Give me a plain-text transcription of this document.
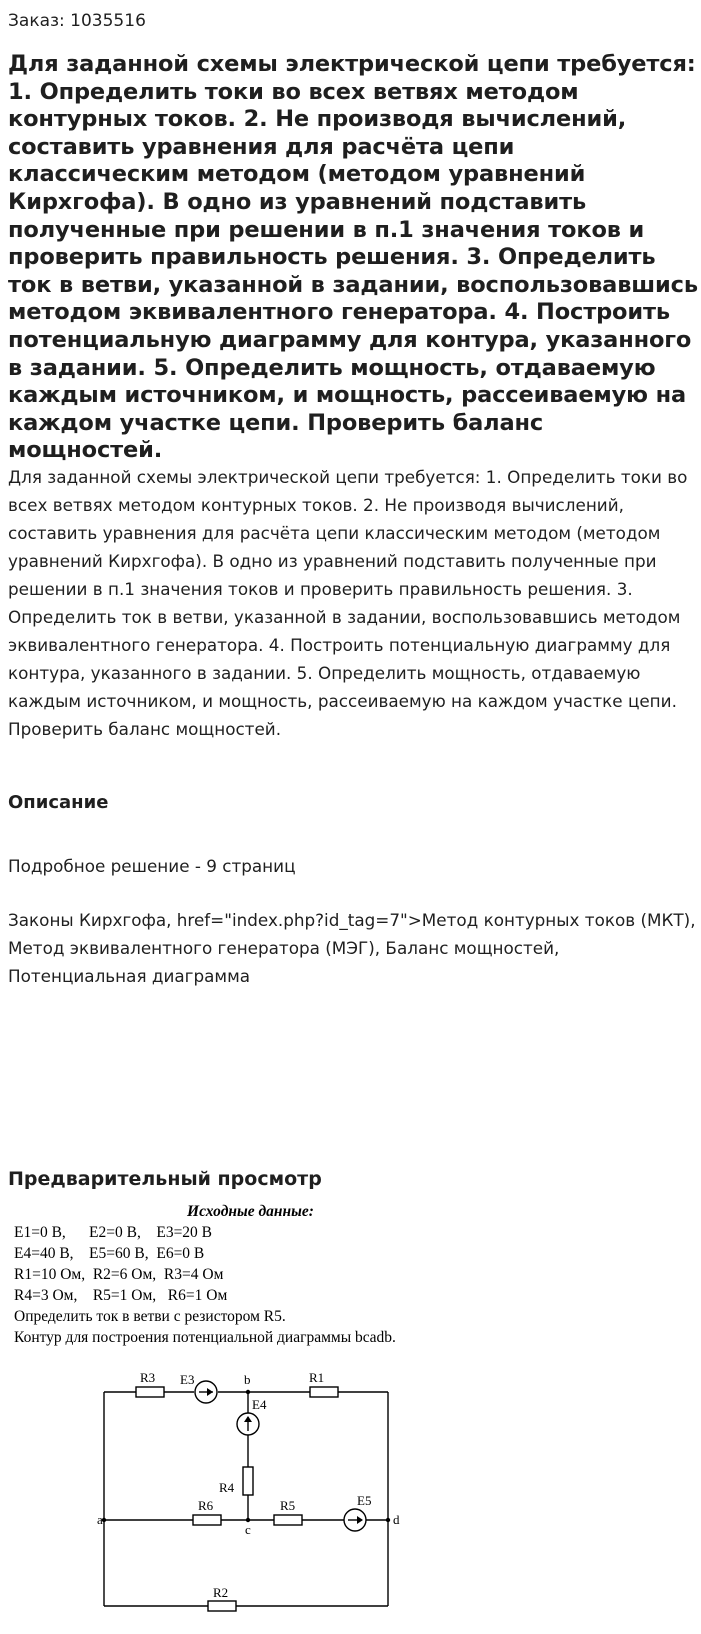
Заказ: 1035516

Для заданной схемы электрической цепи требуется: 1. Определить токи во всех ветвях методом контурных токов. 2. Не производя вычислений, составить уравнения для расчёта цепи классическим методом (методом уравнений Кирхгофа). В одно из уравнений подставить полученные при решении в п.1 значения токов и проверить правильность решения. 3. Определить ток в ветви, указанной в задании, воспользовавшись методом эквивалентного генератора. 4. Построить потенциальную диаграмму для контура, указанного в задании. 5. Определить мощность, отдаваемую каждым источником, и мощность, рассеиваемую на каждом участке цепи. Проверить баланс мощностей.

Для заданной схемы электрической цепи требуется: 1. Определить токи во всех ветвях методом контурных токов. 2. Не производя вычислений, составить уравнения для расчёта цепи классическим методом (методом уравнений Кирхгофа). В одно из уравнений подставить полученные при решении в п.1 значения токов и проверить правильность решения. 3. Определить ток в ветви, указанной в задании, воспользовавшись методом эквивалентного генератора. 4. Построить потенциальную диаграмму для контура, указанного в задании. 5. Определить мощность, отдаваемую каждым источником, и мощность, рассеиваемую на каждом участке цепи. Проверить баланс мощностей.

Описание

Подробное решение - 9 страниц

Законы Кирхгофа, href="index.php?id_tag=7">Метод контурных токов (МКТ), Метод эквивалентного генератора (МЭГ), Баланс мощностей, Потенциальная диаграмма

Предварительный просмотр

Исходные данные:

E1=0 В,      E2=0 В,    E3=20 В

E4=40 В,    E5=60 В,  E6=0 В

R1=10 Ом,  R2=6 Ом,  R3=4 Ом

R4=3 Ом,    R5=1 Ом,   R6=1 Ом

Определить ток в ветви с резистором R5.

Контур для построения потенциальной диаграммы bcadb.

R3	R1
R4
R6	R5
R2
E3
E4
E5
a
b
c
d
